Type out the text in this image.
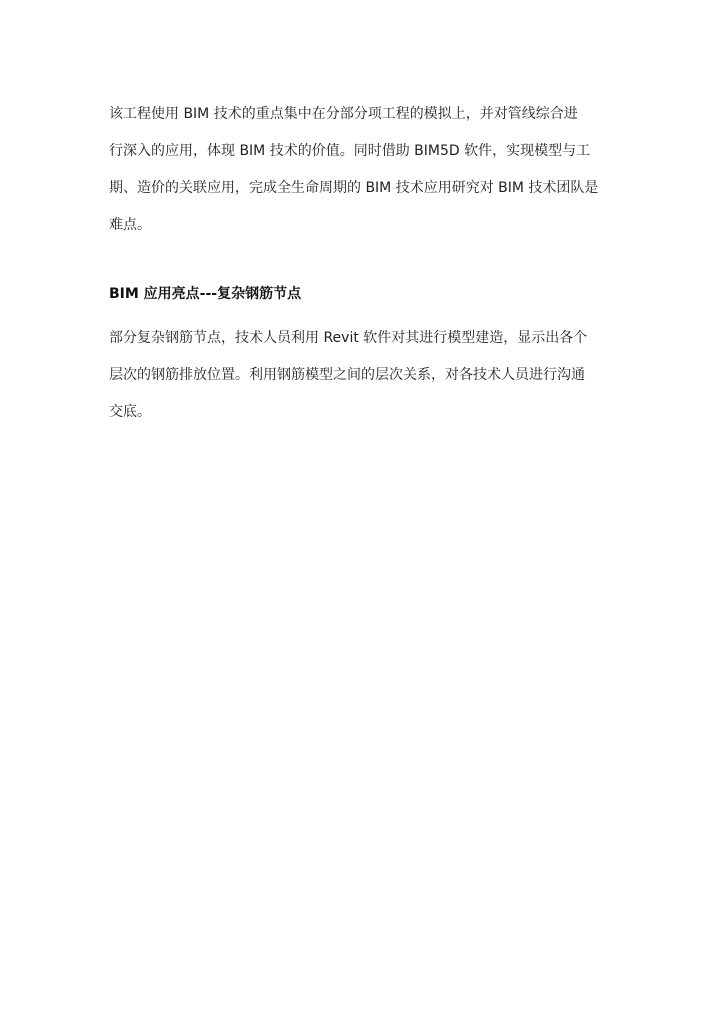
该工程使用 BIM 技术的重点集中在分部分项工程的模拟上，并对管线综合进
行深入的应用，体现 BIM 技术的价值。同时借助 BIM5D 软件，实现模型与工
期、造价的关联应用，完成全生命周期的 BIM 技术应用研究对 BIM 技术团队是
难点。
BIM 应用亮点---复杂钢筋节点
部分复杂钢筋节点，技术人员利用 Revit 软件对其进行模型建造，显示出各个
层次的钢筋排放位置。利用钢筋模型之间的层次关系，对各技术人员进行沟通
交底。
